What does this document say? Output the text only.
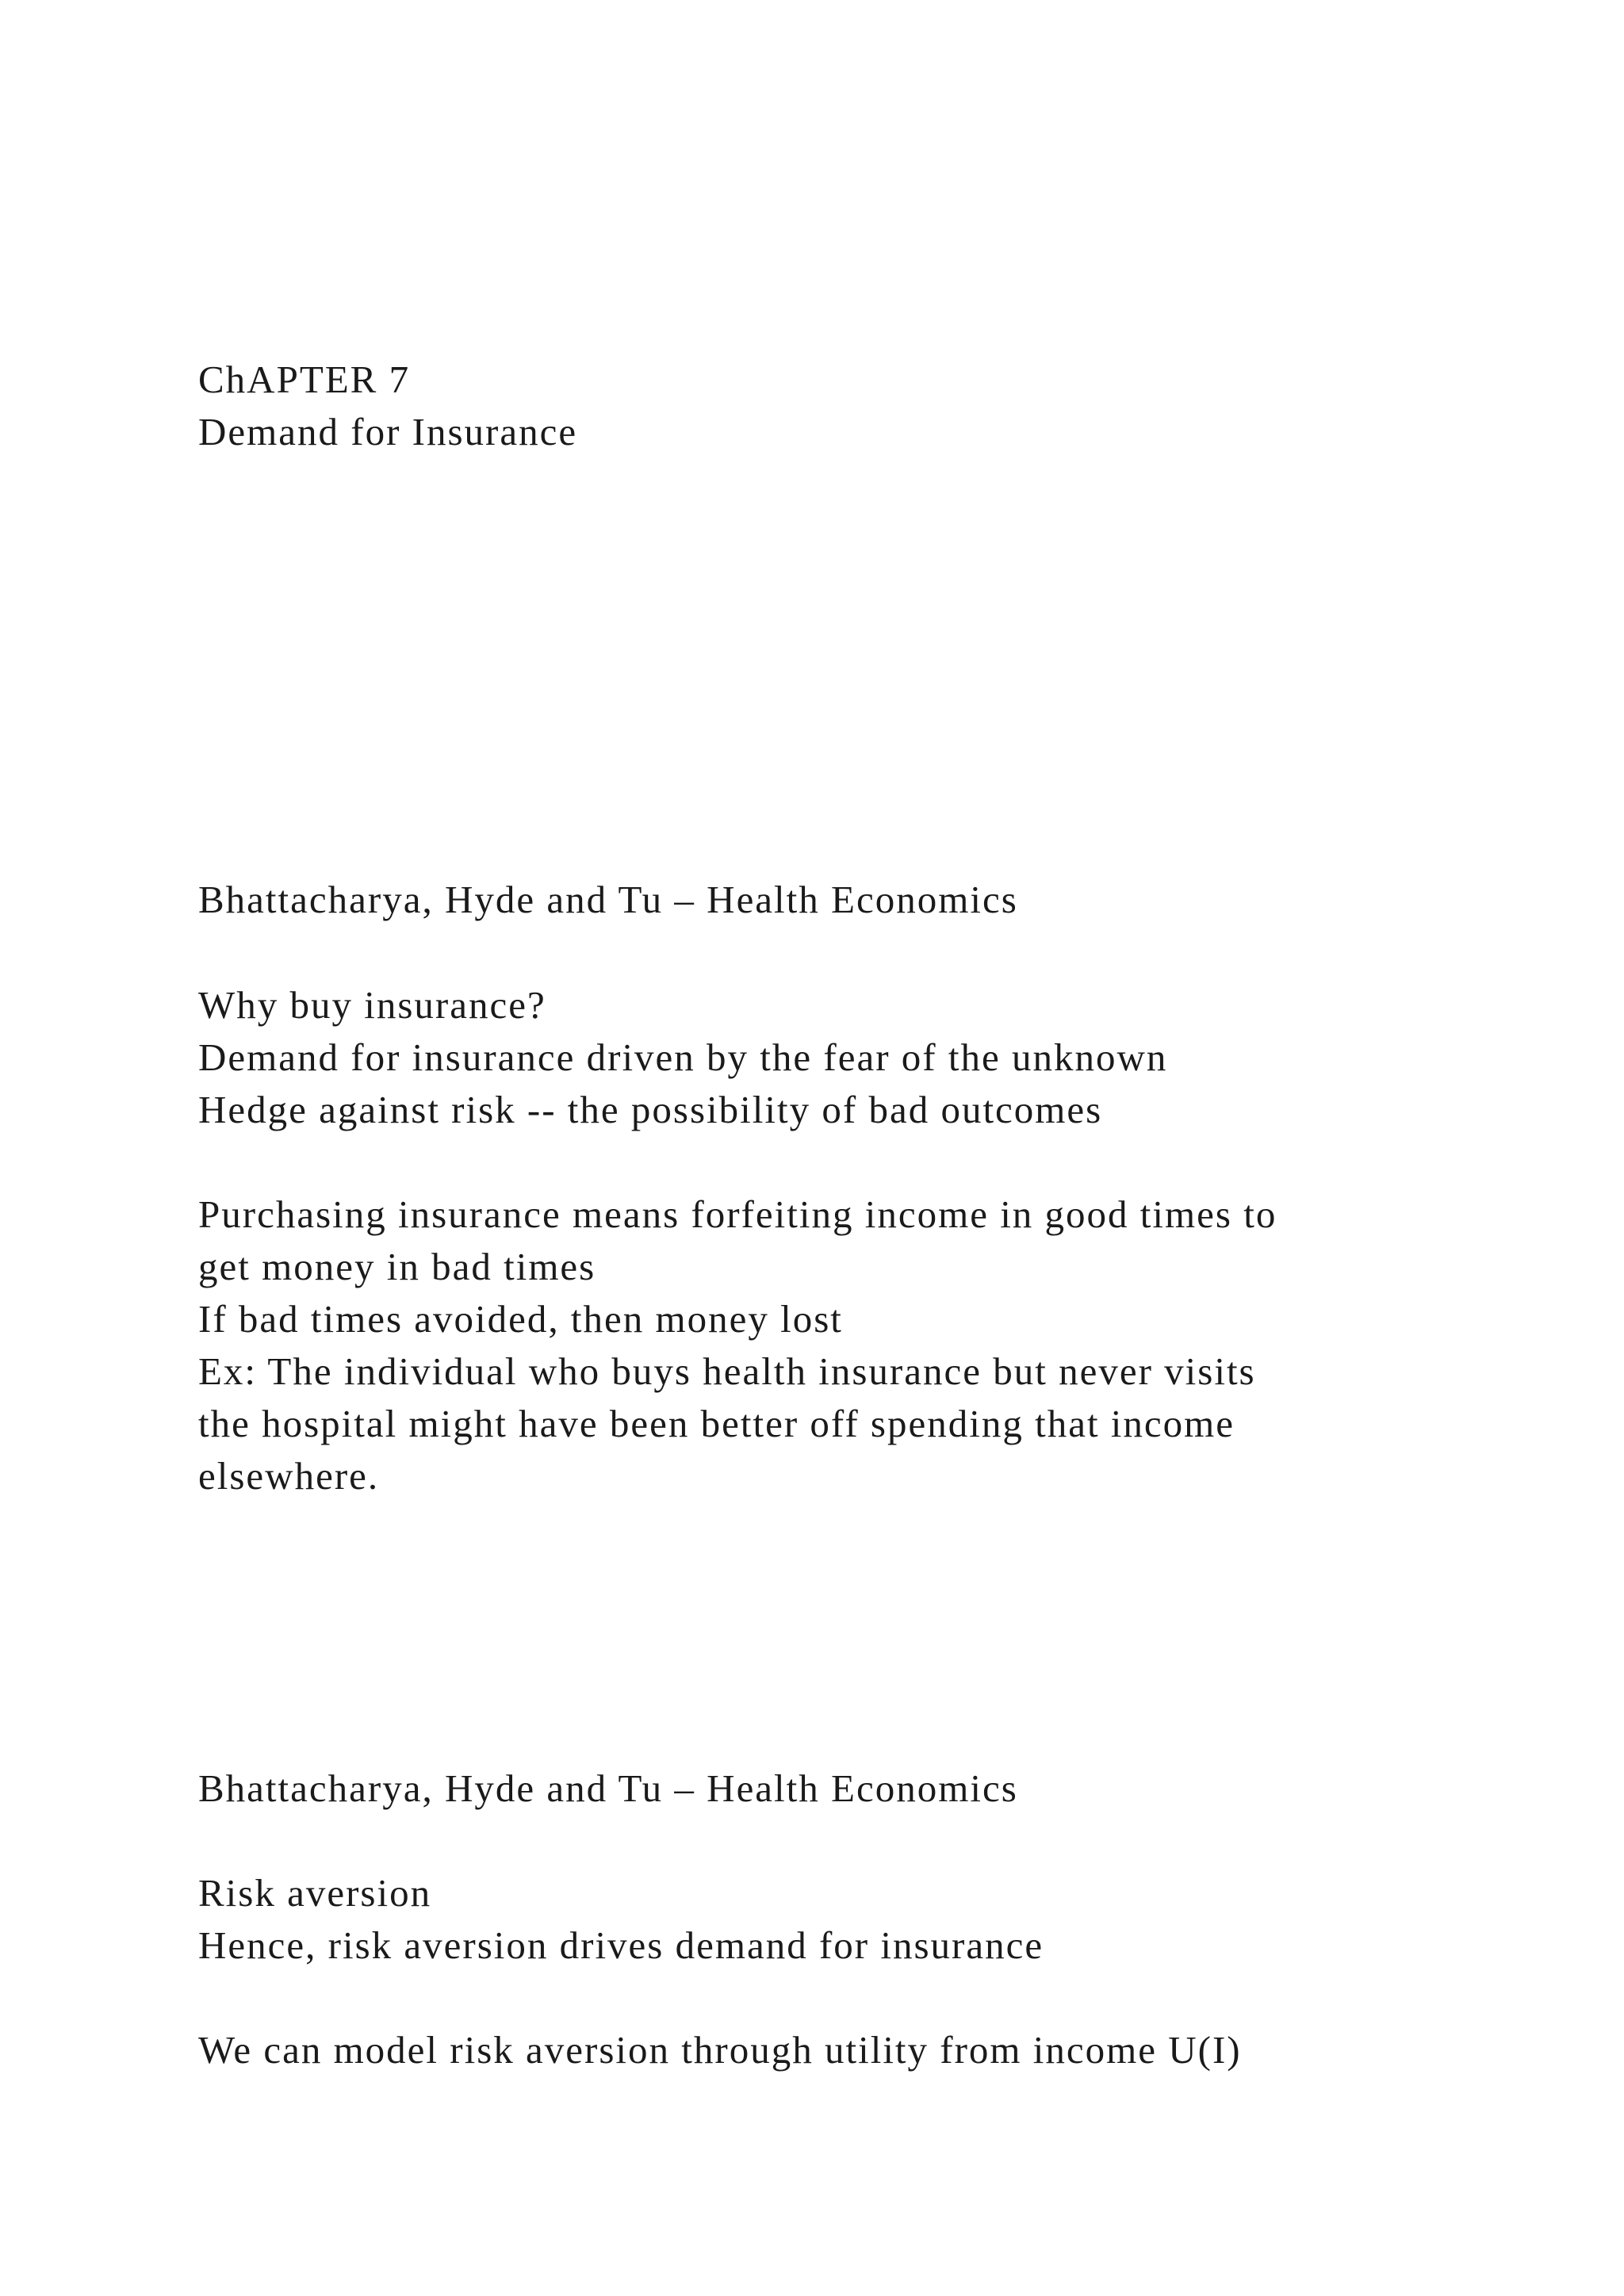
ChAPTER 7

Demand for Insurance

Bhattacharya, Hyde and Tu – Health Economics

Why buy insurance?

Demand for insurance driven by the fear of the unknown

Hedge against risk -- the possibility of bad outcomes

Purchasing insurance means forfeiting income in good times to

get money in bad times

If bad times avoided, then money lost

Ex: The individual who buys health insurance but never visits

the hospital might have been better off spending that income

elsewhere.

Bhattacharya, Hyde and Tu – Health Economics

Risk aversion

Hence, risk aversion drives demand for insurance

We can model risk aversion through utility from income U(I)
